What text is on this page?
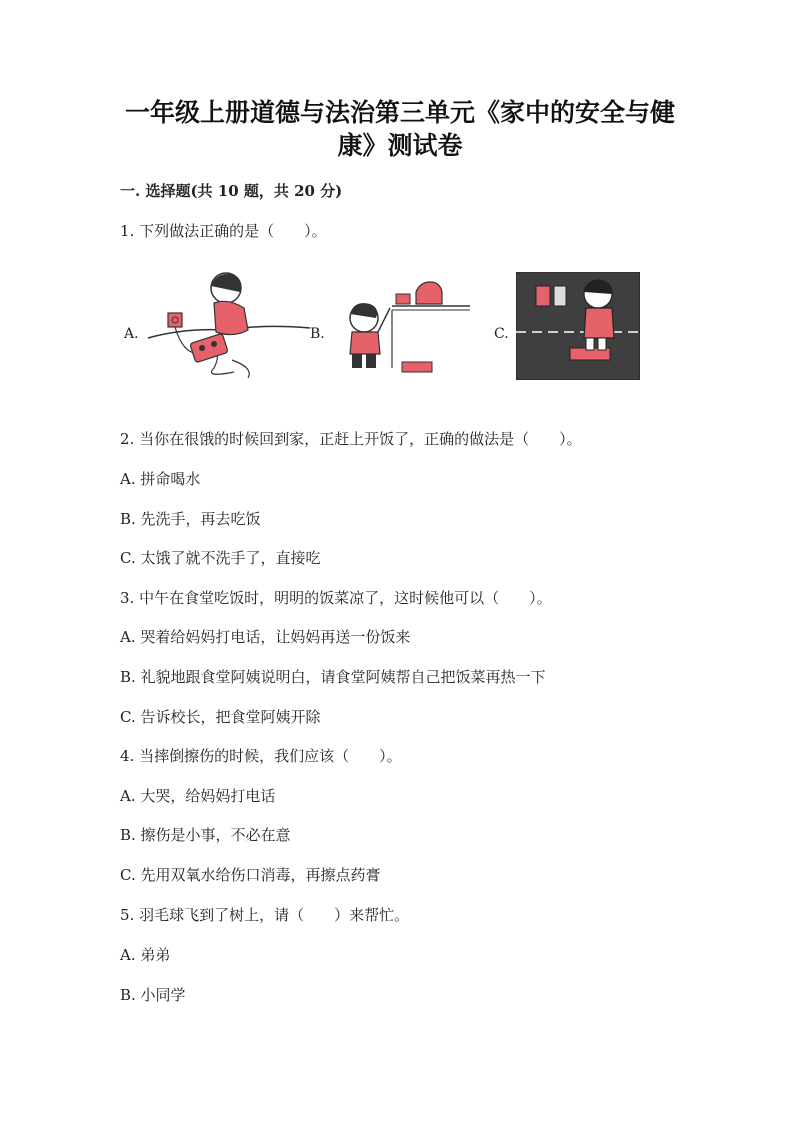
一年级上册道德与法治第三单元《家中的安全与健
康》测试卷
一. 选择题(共 10 题，共 20 分)
1. 下列做法正确的是（　　）。
A.	B.	C.
2. 当你在很饿的时候回到家，正赶上开饭了，正确的做法是（　　）。
A. 拼命喝水
B. 先洗手，再去吃饭
C. 太饿了就不洗手了，直接吃
3. 中午在食堂吃饭时，明明的饭菜凉了，这时候他可以（　　）。
A. 哭着给妈妈打电话，让妈妈再送一份饭来
B. 礼貌地跟食堂阿姨说明白，请食堂阿姨帮自己把饭菜再热一下
C. 告诉校长，把食堂阿姨开除
4. 当摔倒擦伤的时候，我们应该（　　）。
A. 大哭，给妈妈打电话
B. 擦伤是小事，不必在意
C. 先用双氧水给伤口消毒，再擦点药膏
5. 羽毛球飞到了树上，请（　　）来帮忙。
A. 弟弟
B. 小同学
